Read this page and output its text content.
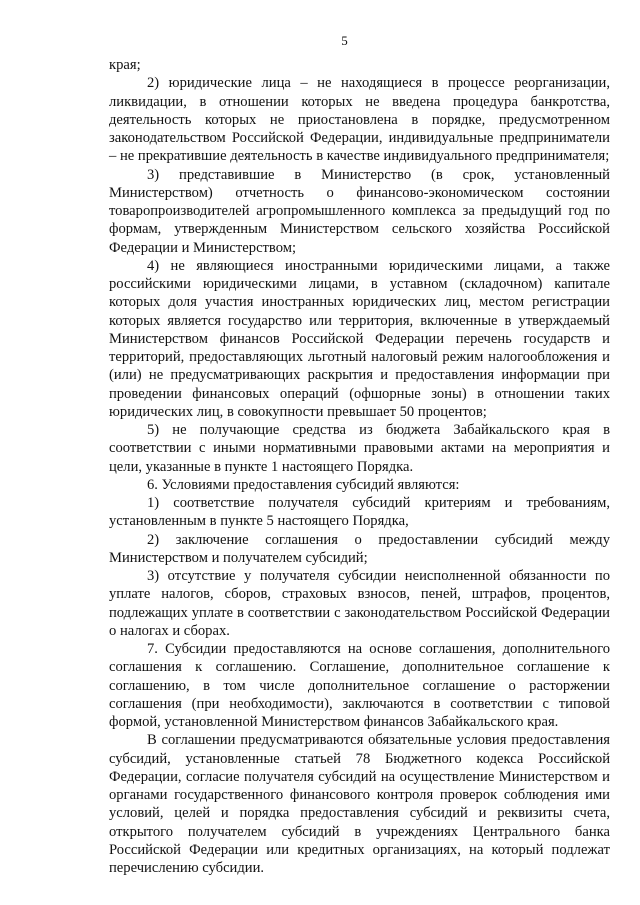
5

края;

2) юридические лица – не находящиеся в процессе реорганизации, ликвидации, в отношении которых не введена процедура банкротства, деятельность которых не приостановлена в порядке, предусмотренном законодательством Российской Федерации, индивидуальные предприниматели – не прекратившие деятельность в качестве индивидуального предпринимателя;

3) представившие в Министерство (в срок, установленный Министерством) отчетность о финансово-экономическом состоянии товаропроизводителей агропромышленного комплекса за предыдущий год по формам, утвержденным Министерством сельского хозяйства Российской Федерации и Министерством;

4) не являющиеся иностранными юридическими лицами, а также российскими юридическими лицами, в уставном (складочном) капитале которых доля участия иностранных юридических лиц, местом регистрации которых является государство или территория, включенные в утверждаемый Министерством финансов Российской Федерации перечень государств и территорий, предоставляющих льготный налоговый режим налогообложения и (или) не предусматривающих раскрытия и предоставления информации при проведении финансовых операций (офшорные зоны) в отношении таких юридических лиц, в совокупности превышает 50 процентов;

5) не получающие средства из бюджета Забайкальского края в соответствии с иными нормативными правовыми актами на мероприятия и цели, указанные в пункте 1 настоящего Порядка.

6. Условиями предоставления субсидий являются:

1) соответствие получателя субсидий критериям и требованиям, установленным в пункте 5 настоящего Порядка,

2) заключение соглашения о предоставлении субсидий между Министерством и получателем субсидий;

3) отсутствие у получателя субсидии неисполненной обязанности по уплате налогов, сборов, страховых взносов, пеней, штрафов, процентов, подлежащих уплате в соответствии с законодательством Российской Федерации о налогах и сборах.

7. Субсидии предоставляются на основе соглашения, дополнительного соглашения к соглашению. Соглашение, дополнительное соглашение к соглашению, в том числе дополнительное соглашение о расторжении соглашения (при необходимости), заключаются в соответствии с типовой формой, установленной Министерством финансов Забайкальского края.

В соглашении предусматриваются обязательные условия предоставления субсидий, установленные статьей 78 Бюджетного кодекса Российской Федерации, согласие получателя субсидий на осуществление Министерством и органами государственного финансового контроля проверок соблюдения ими условий, целей и порядка предоставления субсидий и реквизиты счета, открытого получателем субсидий в учреждениях Центрального банка Российской Федерации или кредитных организациях, на который подлежат перечислению субсидии.
